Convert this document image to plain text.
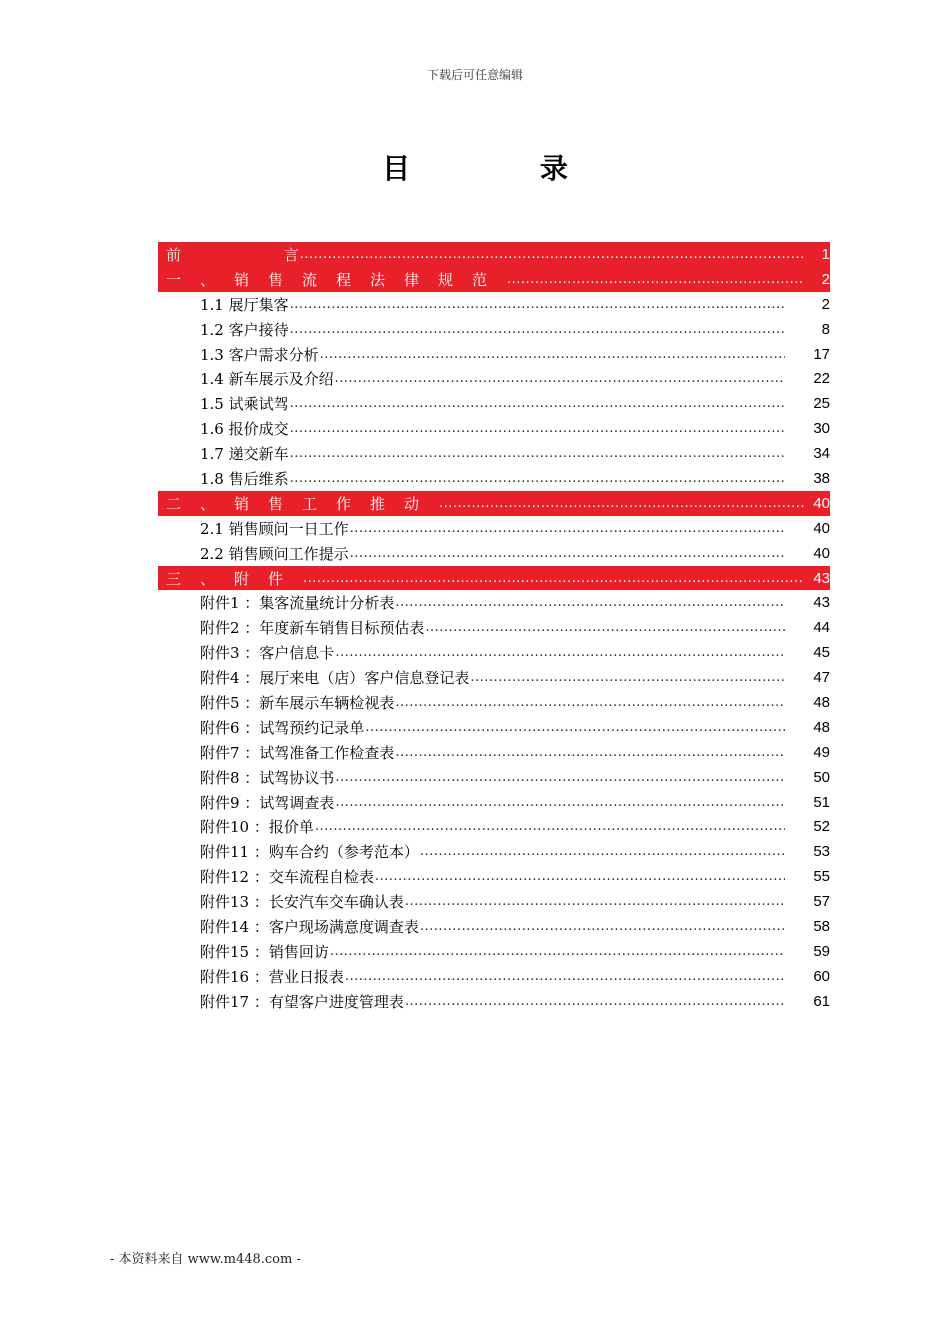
下载后可任意编辑
目 录
前 言 .....	1
一、销售流程法律规范 .....	2
1.1 展厅集客 .....	2
1.2 客户接待 .....	8
1.3 客户需求分析 .....	17
1.4 新车展示及介绍 .....	22
1.5 试乘试驾 .....	25
1.6 报价成交 .....	30
1.7 递交新车 .....	34
1.8 售后维系 .....	38
二、销售工作推动 .....	40
2.1 销售顾问一日工作 .....	40
2.2 销售顾问工作提示 .....	40
三、附件 .....	43
附件1 ：集客流量统计分析表 .....	43
附件2 ：年度新车销售目标预估表 .....	44
附件3 ：客户信息卡 .....	45
附件4 ：展厅来电（店）客户信息登记表 .....	47
附件5 ：新车展示车辆检视表 .....	48
附件6 ：试驾预约记录单 .....	48
附件7 ：试驾准备工作检查表 .....	49
附件8 ：试驾协议书 .....	50
附件9 ：试驾调查表 .....	51
附件10 ：报价单 .....	52
附件11 ：购车合约（参考范本） .....	53
附件12 ：交车流程自检表 .....	55
附件13 ：长安汽车交车确认表 .....	57
附件14 ：客户现场满意度调查表 .....	58
附件15 ：销售回访 .....	59
附件16 ：营业日报表 .....	60
附件17 ：有望客户进度管理表 .....	61
- 本资料来自 www.m448.com -
